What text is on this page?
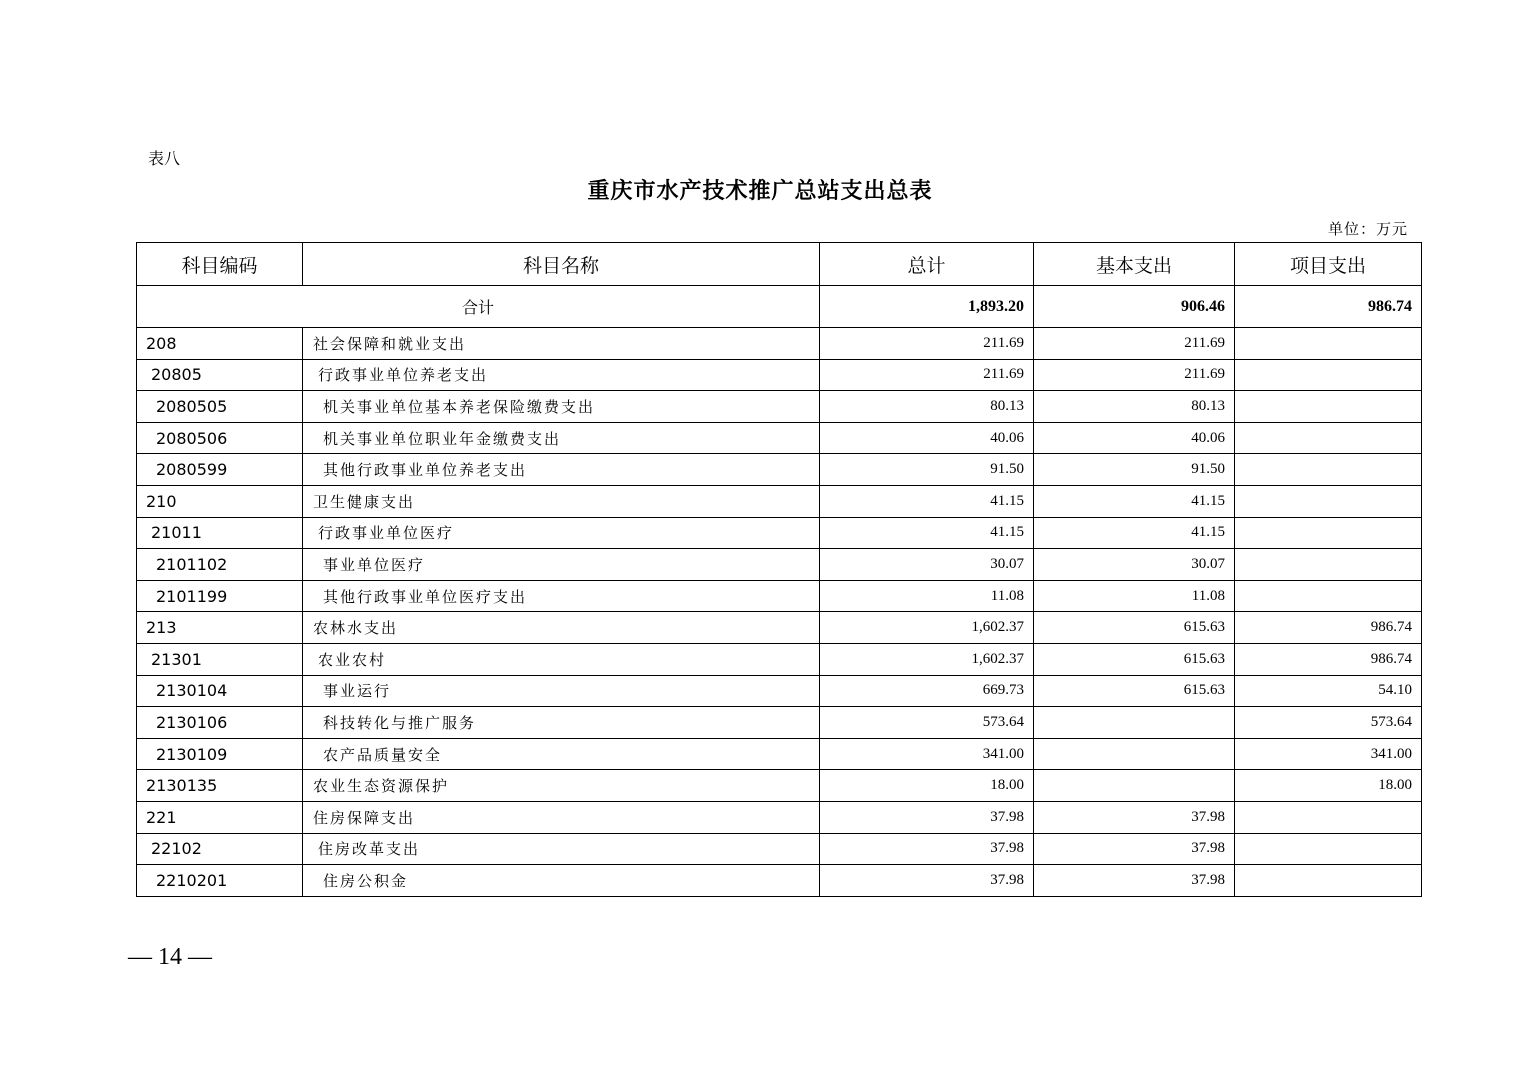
表八
重庆市水产技术推广总站支出总表
单位：万元
科目编码	科目名称	总计	基本支出	项目支出
合计		1,893.20	906.46	986.74
208	社会保障和就业支出	211.69	211.69	
20805	行政事业单位养老支出	211.69	211.69	
2080505	机关事业单位基本养老保险缴费支出	80.13	80.13	
2080506	机关事业单位职业年金缴费支出	40.06	40.06	
2080599	其他行政事业单位养老支出	91.50	91.50	
210	卫生健康支出	41.15	41.15	
21011	行政事业单位医疗	41.15	41.15	
2101102	事业单位医疗	30.07	30.07	
2101199	其他行政事业单位医疗支出	11.08	11.08	
213	农林水支出	1,602.37	615.63	986.74
21301	农业农村	1,602.37	615.63	986.74
2130104	事业运行	669.73	615.63	54.10
2130106	科技转化与推广服务	573.64		573.64
2130109	农产品质量安全	341.00		341.00
2130135	农业生态资源保护	18.00		18.00
221	住房保障支出	37.98	37.98	
22102	住房改革支出	37.98	37.98	
2210201	住房公积金	37.98	37.98	
— 14 —
